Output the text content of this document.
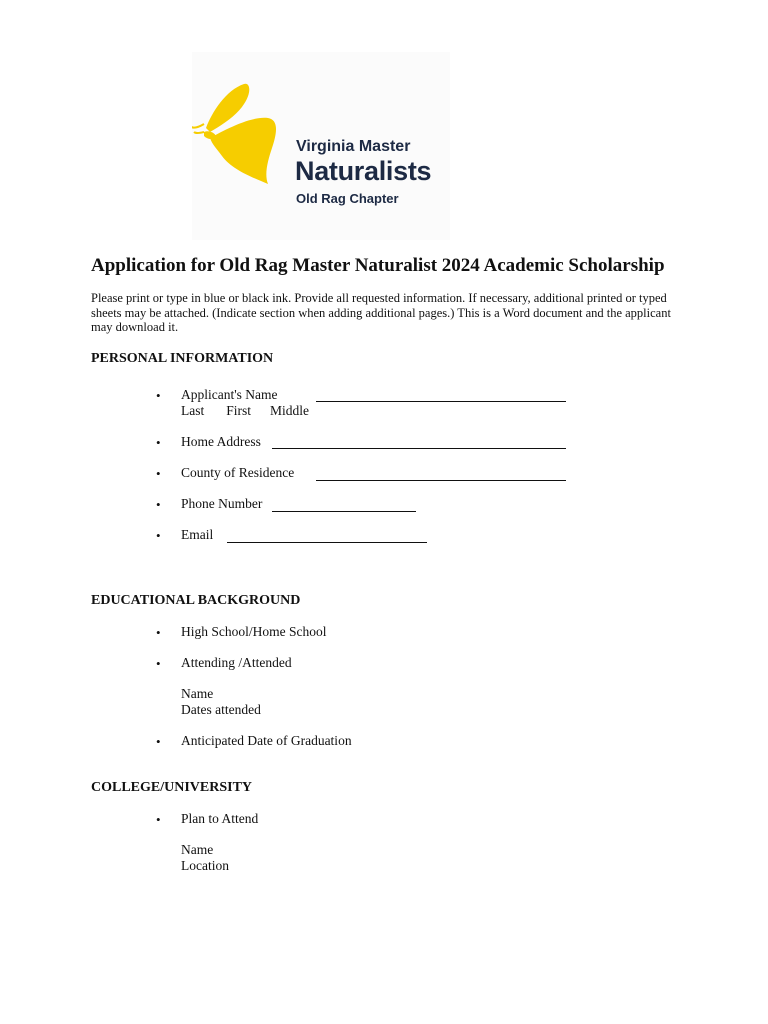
Virginia Master
Naturalists
Old Rag Chapter
Application for Old Rag Master Naturalist 2024 Academic Scholarship
Please print or type in blue or black ink. Provide all requested information. If necessary, additional printed or typed sheets may be attached. (Indicate section when adding additional pages.) This is a Word document and the applicant may download it.
PERSONAL INFORMATION
• Applicant's Name
Last First Middle
• Home Address
• County of Residence
• Phone Number
• Email
EDUCATIONAL BACKGROUND
• High School/Home School
• Attending /Attended
Name
Dates attended
• Anticipated Date of Graduation
COLLEGE/UNIVERSITY
• Plan to Attend
Name
Location
